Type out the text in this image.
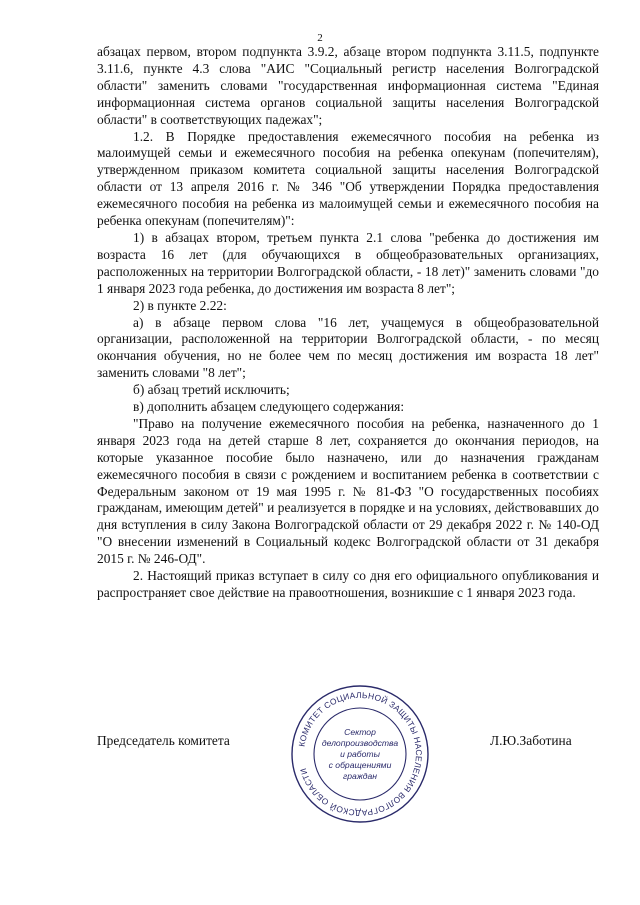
2

абзацах первом, втором подпункта 3.9.2, абзаце втором подпункта 3.11.5, подпункте 3.11.6, пункте 4.3 слова "АИС "Социальный регистр населения Волгоградской области" заменить словами "государственная информационная система "Единая информационная система органов социальной защиты населения Волгоградской области" в соответствующих падежах";

1.2. В Порядке предоставления ежемесячного пособия на ребенка из малоимущей семьи и ежемесячного пособия на ребенка опекунам (попечителям), утвержденном приказом комитета социальной защиты населения Волгоградской области от 13 апреля 2016 г. № 346 "Об утверждении Порядка предоставления ежемесячного пособия на ребенка из малоимущей семьи и ежемесячного пособия на ребенка опекунам (попечителям)":

1) в абзацах втором, третьем пункта 2.1 слова "ребенка до достижения им возраста 16 лет (для обучающихся в общеобразовательных организациях, расположенных на территории Волгоградской области, - 18 лет)" заменить словами "до 1 января 2023 года ребенка, до достижения им возраста 8 лет";

2) в пункте 2.22:

а) в абзаце первом слова "16 лет, учащемуся в общеобразовательной организации, расположенной на территории Волгоградской области, - по месяц окончания обучения, но не более чем по месяц достижения им возраста 18 лет" заменить словами "8 лет";

б) абзац третий исключить;

в) дополнить абзацем следующего содержания:

"Право на получение ежемесячного пособия на ребенка, назначенного до 1 января 2023 года на детей старше 8 лет, сохраняется до окончания периодов, на которые указанное пособие было назначено, или до назначения гражданам ежемесячного пособия в связи с рождением и воспитанием ребенка в соответствии с Федеральным законом от 19 мая 1995 г. № 81-ФЗ "О государственных пособиях гражданам, имеющим детей" и реализуется в порядке и на условиях, действовавших до дня вступления в силу Закона Волгоградской области от 29 декабря 2022 г. № 140-ОД "О внесении изменений в Социальный кодекс Волгоградской области от 31 декабря 2015 г. № 246-ОД".

2. Настоящий приказ вступает в силу со дня его официального опубликования и распространяет свое действие на правоотношения, возникшие с 1 января 2023 года.

Председатель комитета	Л.Ю.Заботина
КОМИТЕТ СОЦИАЛЬНОЙ ЗАЩИТЫ НАСЕЛЕНИЯ ВОЛГОГРАДСКОЙ ОБЛАСТИ
Сектор
делопроизводства
и работы
с обращениями
граждан
